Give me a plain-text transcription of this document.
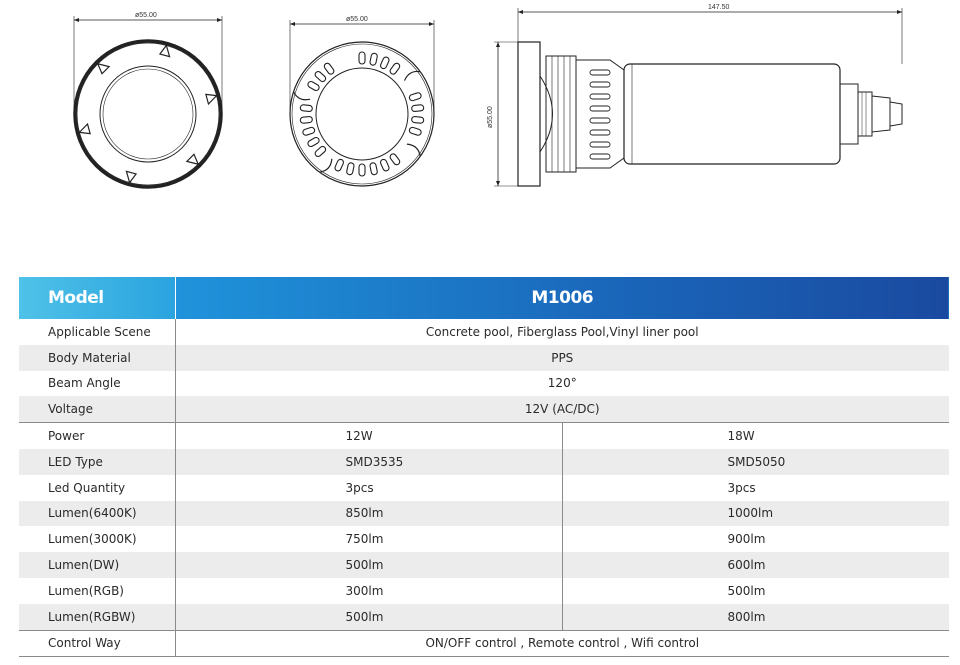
ø55.00
ø55.00
147.50
ø55.00
Model	M1006	
Applicable Scene	Concrete pool, Fiberglass Pool,Vinyl liner pool	
Body Material	PPS	
Beam Angle	120°	
Voltage	12V (AC/DC)	
Power	12W	18W
LED Type	SMD3535	SMD5050
Led Quantity	3pcs	3pcs
Lumen(6400K)	850lm	1000lm
Lumen(3000K)	750lm	900lm
Lumen(DW)	500lm	600lm
Lumen(RGB)	300lm	500lm
Lumen(RGBW)	500lm	800lm
Control Way	ON/OFF control , Remote control , Wifi control	
